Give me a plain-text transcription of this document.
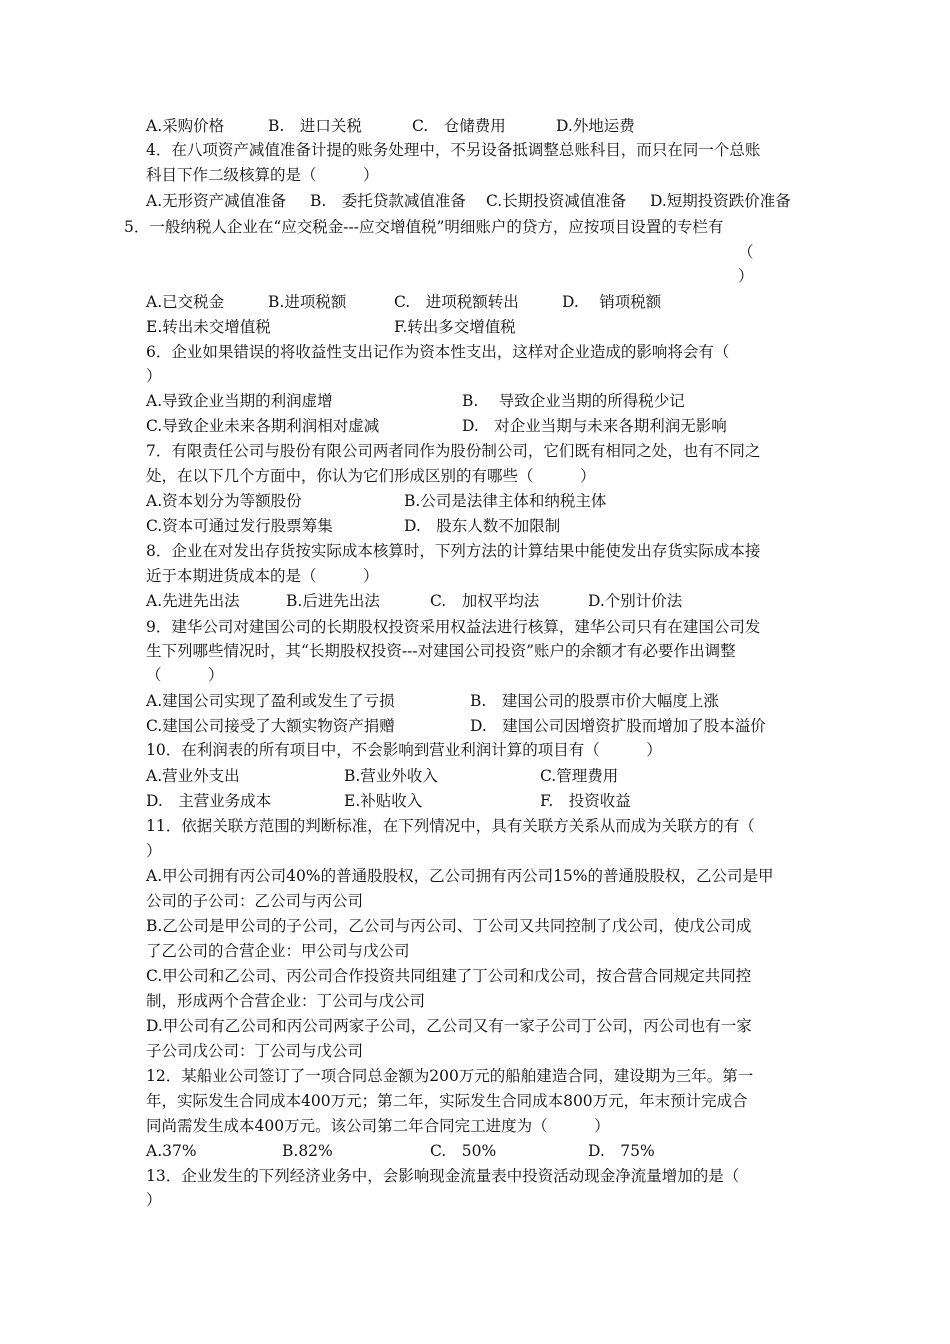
4．在八项资产减值准备计提的账务处理中，不另设备抵调整总账科目，而只在同一个总账
科目下作二级核算的是（　　　）
5．一般纳税人企业在“应交税金---应交增值税”明细账户的贷方，应按项目设置的专栏有
（
）
6．企业如果错误的将收益性支出记作为资本性支出，这样对企业造成的影响将会有（
）
7．有限责任公司与股份有限公司两者同作为股份制公司，它们既有相同之处，也有不同之
处，在以下几个方面中，你认为它们形成区别的有哪些（　　　）
8．企业在对发出存货按实际成本核算时，下列方法的计算结果中能使发出存货实际成本接
近于本期进货成本的是（　　　）
9．建华公司对建国公司的长期股权投资采用权益法进行核算，建华公司只有在建国公司发
生下列哪些情况时，其“长期股权投资---对建国公司投资”账户的余额才有必要作出调整
（　　　）
10．在利润表的所有项目中，不会影响到营业利润计算的项目有（　　　）
11．依据关联方范围的判断标准，在下列情况中，具有关联方关系从而成为关联方的有（
）
A.甲公司拥有丙公司40%的普通股股权，乙公司拥有丙公司15%的普通股股权，乙公司是甲
公司的子公司：乙公司与丙公司
B.乙公司是甲公司的子公司，乙公司与丙公司、丁公司又共同控制了戊公司，使戊公司成
了乙公司的合营企业：甲公司与戊公司
C.甲公司和乙公司、丙公司合作投资共同组建了丁公司和戊公司，按合营合同规定共同控
制，形成两个合营企业：丁公司与戊公司
D.甲公司有乙公司和丙公司两家子公司，乙公司又有一家子公司丁公司，丙公司也有一家
子公司戊公司：丁公司与戊公司
12．某船业公司签订了一项合同总金额为200万元的船舶建造合同，建设期为三年。第一
年，实际发生合同成本400万元；第二年，实际发生合同成本800万元，年末预计完成合
同尚需发生成本400万元。该公司第二年合同完工进度为（　　　）
13．企业发生的下列经济业务中，会影响现金流量表中投资活动现金净流量增加的是（
）
A.采购价格	B.　进口关税	C.　仓储费用	D.外地运费
A.无形资产减值准备 B.　委托贷款减值准备 C.长期投资减值准备 D.短期投资跌价准备
A.已交税金	B.进项税额	C.　进项税额转出	D.　 销项税额
E.转出未交增值税	F.转出多交增值税
A.导致企业当期的利润虚增	B.　 导致企业当期的所得税少记
C.导致企业未来各期利润相对虚减	D.　对企业当期与未来各期利润无影响
A.资本划分为等额股份	B.公司是法律主体和纳税主体
C.资本可通过发行股票筹集	D.　股东人数不加限制
A.先进先出法	B.后进先出法	C.　加权平均法	D.个别计价法
A.建国公司实现了盈利或发生了亏损	B.　建国公司的股票市价大幅度上涨
C.建国公司接受了大额实物资产捐赠	D.　建国公司因增资扩股而增加了股本溢价
A.营业外支出	B.营业外收入	C.管理费用
D.　主营业务成本	E.补贴收入	F.　投资收益
A.37%	B.82%	C.　50%	D.　75%
